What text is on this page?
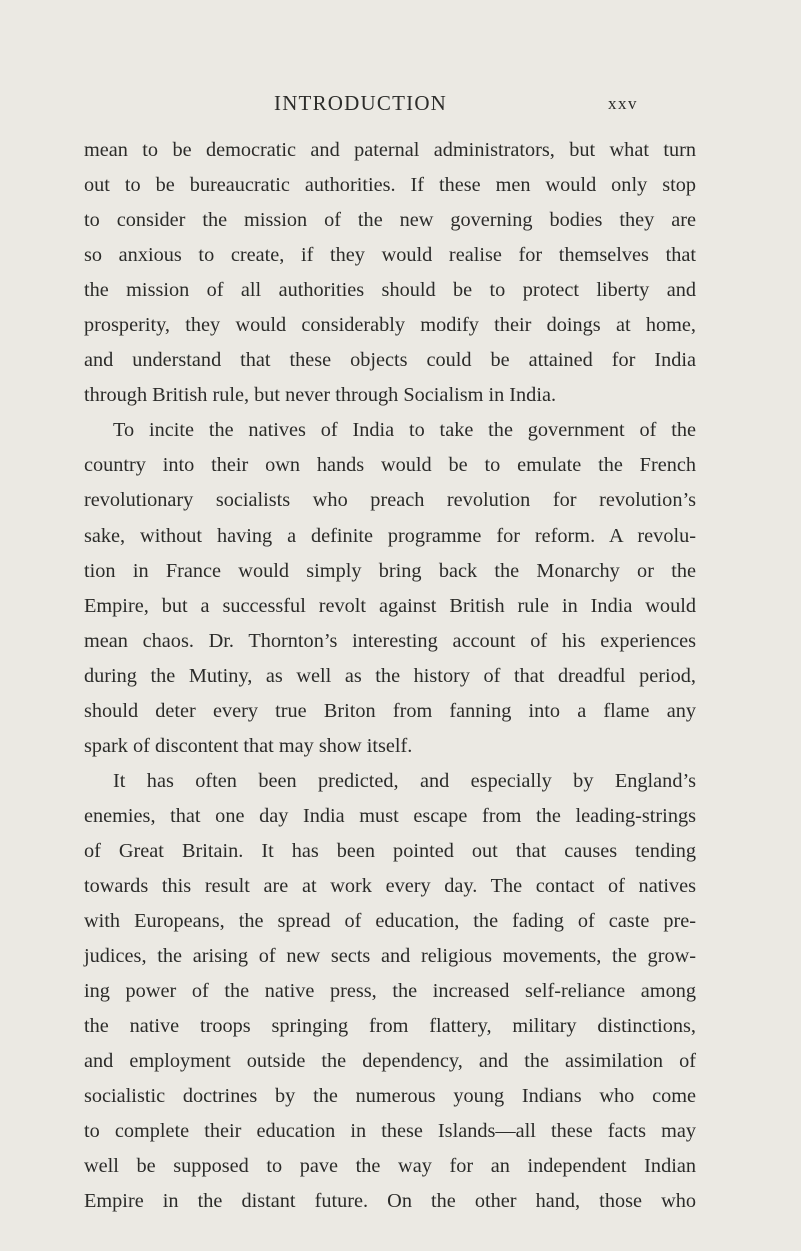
INTRODUCTION	xxv
mean to be democratic and paternal administrators, but what turn
out to be bureaucratic authorities. If these men would only stop
to consider the mission of the new governing bodies they are
so anxious to create, if they would realise for themselves that
the mission of all authorities should be to protect liberty and
prosperity, they would considerably modify their doings at home,
and understand that these objects could be attained for India
through British rule, but never through Socialism in India.
To incite the natives of India to take the government of the
country into their own hands would be to emulate the French
revolutionary socialists who preach revolution for revolution’s
sake, without having a definite programme for reform. A revolu-
tion in France would simply bring back the Monarchy or the
Empire, but a successful revolt against British rule in India would
mean chaos. Dr. Thornton’s interesting account of his experiences
during the Mutiny, as well as the history of that dreadful period,
should deter every true Briton from fanning into a flame any
spark of discontent that may show itself.
It has often been predicted, and especially by England’s
enemies, that one day India must escape from the leading-strings
of Great Britain. It has been pointed out that causes tending
towards this result are at work every day. The contact of natives
with Europeans, the spread of education, the fading of caste pre-
judices, the arising of new sects and religious movements, the grow-
ing power of the native press, the increased self-reliance among
the native troops springing from flattery, military distinctions,
and employment outside the dependency, and the assimilation of
socialistic doctrines by the numerous young Indians who come
to complete their education in these Islands—all these facts may
well be supposed to pave the way for an independent Indian
Empire in the distant future. On the other hand, those who
